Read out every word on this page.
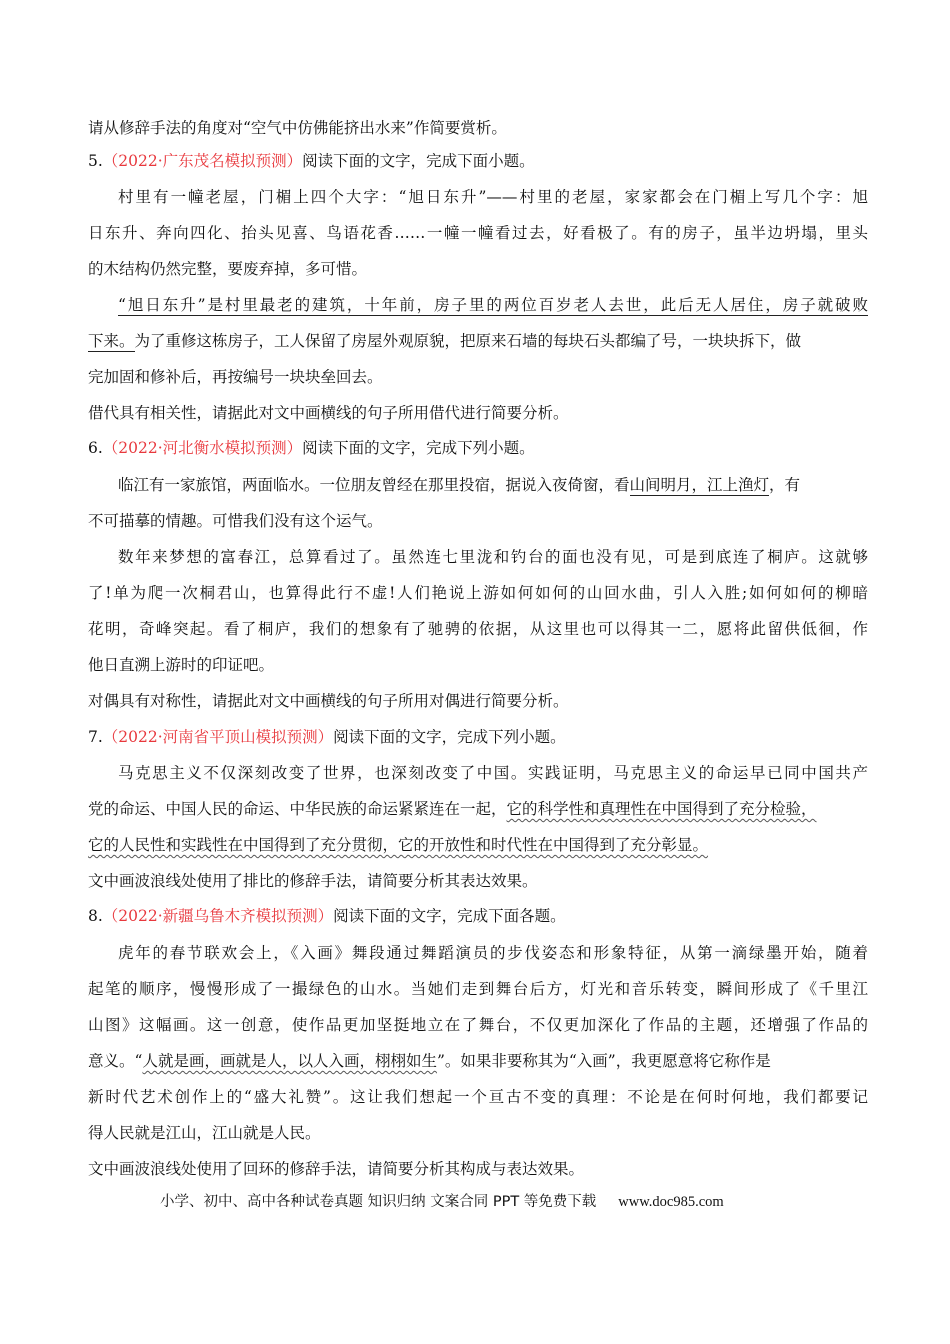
请从修辞手法的角度对“空气中仿佛能挤出水来”作简要赏析。
5.（2022·广东茂名模拟预测）阅读下面的文字，完成下面小题。
村里有一幢老屋，门楣上四个大字：“旭日东升”——村里的老屋，家家都会在门楣上写几个字：旭
日东升、奔向四化、抬头见喜、鸟语花香……一幢一幢看过去，好看极了。有的房子，虽半边坍塌，里头
的木结构仍然完整，要废弃掉，多可惜。
“旭日东升”是村里最老的建筑，十年前，房子里的两位百岁老人去世，此后无人居住，房子就破败
下来。为了重修这栋房子，工人保留了房屋外观原貌，把原来石墙的每块石头都编了号，一块块拆下，做
完加固和修补后，再按编号一块块垒回去。
借代具有相关性，请据此对文中画横线的句子所用借代进行简要分析。
6.（2022·河北衡水模拟预测）阅读下面的文字，完成下列小题。
临江有一家旅馆，两面临水。一位朋友曾经在那里投宿，据说入夜倚窗，看山间明月，江上渔灯，有
不可描摹的情趣。可惜我们没有这个运气。
数年来梦想的富春江，总算看过了。虽然连七里泷和钓台的面也没有见，可是到底连了桐庐。这就够
了!单为爬一次桐君山，也算得此行不虚!人们艳说上游如何如何的山回水曲，引人入胜;如何如何的柳暗
花明，奇峰突起。看了桐庐，我们的想象有了驰骋的依据，从这里也可以得其一二，愿将此留供低徊，作
他日直溯上游时的印证吧。
对偶具有对称性，请据此对文中画横线的句子所用对偶进行简要分析。
7.（2022·河南省平顶山模拟预测）阅读下面的文字，完成下列小题。
马克思主义不仅深刻改变了世界，也深刻改变了中国。实践证明，马克思主义的命运早已同中国共产
党的命运、中国人民的命运、中华民族的命运紧紧连在一起，它的科学性和真理性在中国得到了充分检验，
它的人民性和实践性在中国得到了充分贯彻，它的开放性和时代性在中国得到了充分彰显。
文中画波浪线处使用了排比的修辞手法，请简要分析其表达效果。
8.（2022·新疆乌鲁木齐模拟预测）阅读下面的文字，完成下面各题。
虎年的春节联欢会上，《入画》舞段通过舞蹈演员的步伐姿态和形象特征，从第一滴绿墨开始，随着
起笔的顺序，慢慢形成了一撮绿色的山水。当她们走到舞台后方，灯光和音乐转变，瞬间形成了《千里江
山图》这幅画。这一创意，使作品更加坚挺地立在了舞台，不仅更加深化了作品的主题，还增强了作品的
意义。“人就是画，画就是人，以人入画，栩栩如生”。如果非要称其为“入画”，我更愿意将它称作是
新时代艺术创作上的“盛大礼赞”。这让我们想起一个亘古不变的真理：不论是在何时何地，我们都要记
得人民就是江山，江山就是人民。
文中画波浪线处使用了回环的修辞手法，请简要分析其构成与表达效果。
小学、初中、高中各种试卷真题 知识归纳 文案合同 PPT 等免费下载 www.doc985.com
